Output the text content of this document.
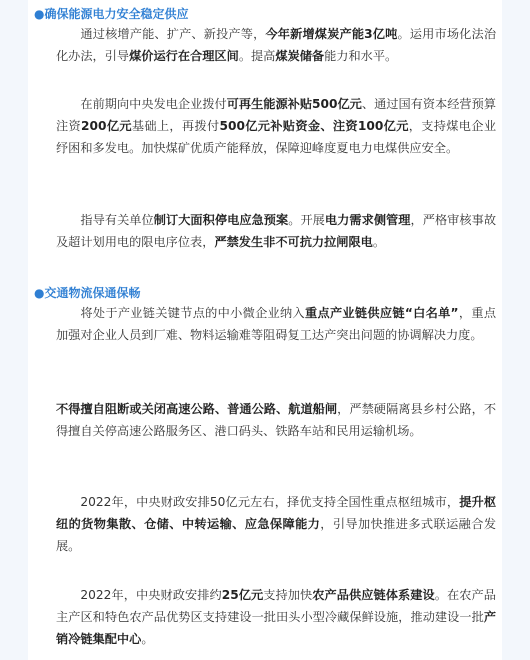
●确保能源电力安全稳定供应
通过核增产能、扩产、新投产等，今年新增煤炭产能3亿吨。运用市场化法治化办法，引导煤价运行在合理区间。提高煤炭储备能力和水平。
在前期向中央发电企业拨付可再生能源补贴500亿元、通过国有资本经营预算注资200亿元基础上，再拨付500亿元补贴资金、注资100亿元，支持煤电企业纾困和多发电。加快煤矿优质产能释放，保障迎峰度夏电力电煤供应安全。
指导有关单位制订大面积停电应急预案。开展电力需求侧管理，严格审核事故及超计划用电的限电序位表，严禁发生非不可抗力拉闸限电。
●交通物流保通保畅
将处于产业链关键节点的中小微企业纳入重点产业链供应链“白名单”，重点加强对企业人员到厂难、物料运输难等阻碍复工达产突出问题的协调解决力度。
不得擅自阻断或关闭高速公路、普通公路、航道船闸，严禁硬隔离县乡村公路，不得擅自关停高速公路服务区、港口码头、铁路车站和民用运输机场。
2022年，中央财政安排50亿元左右，择优支持全国性重点枢纽城市，提升枢纽的货物集散、仓储、中转运输、应急保障能力，引导加快推进多式联运融合发展。
2022年，中央财政安排约25亿元支持加快农产品供应链体系建设。在农产品主产区和特色农产品优势区支持建设一批田头小型冷藏保鲜设施，推动建设一批产销冷链集配中心。
